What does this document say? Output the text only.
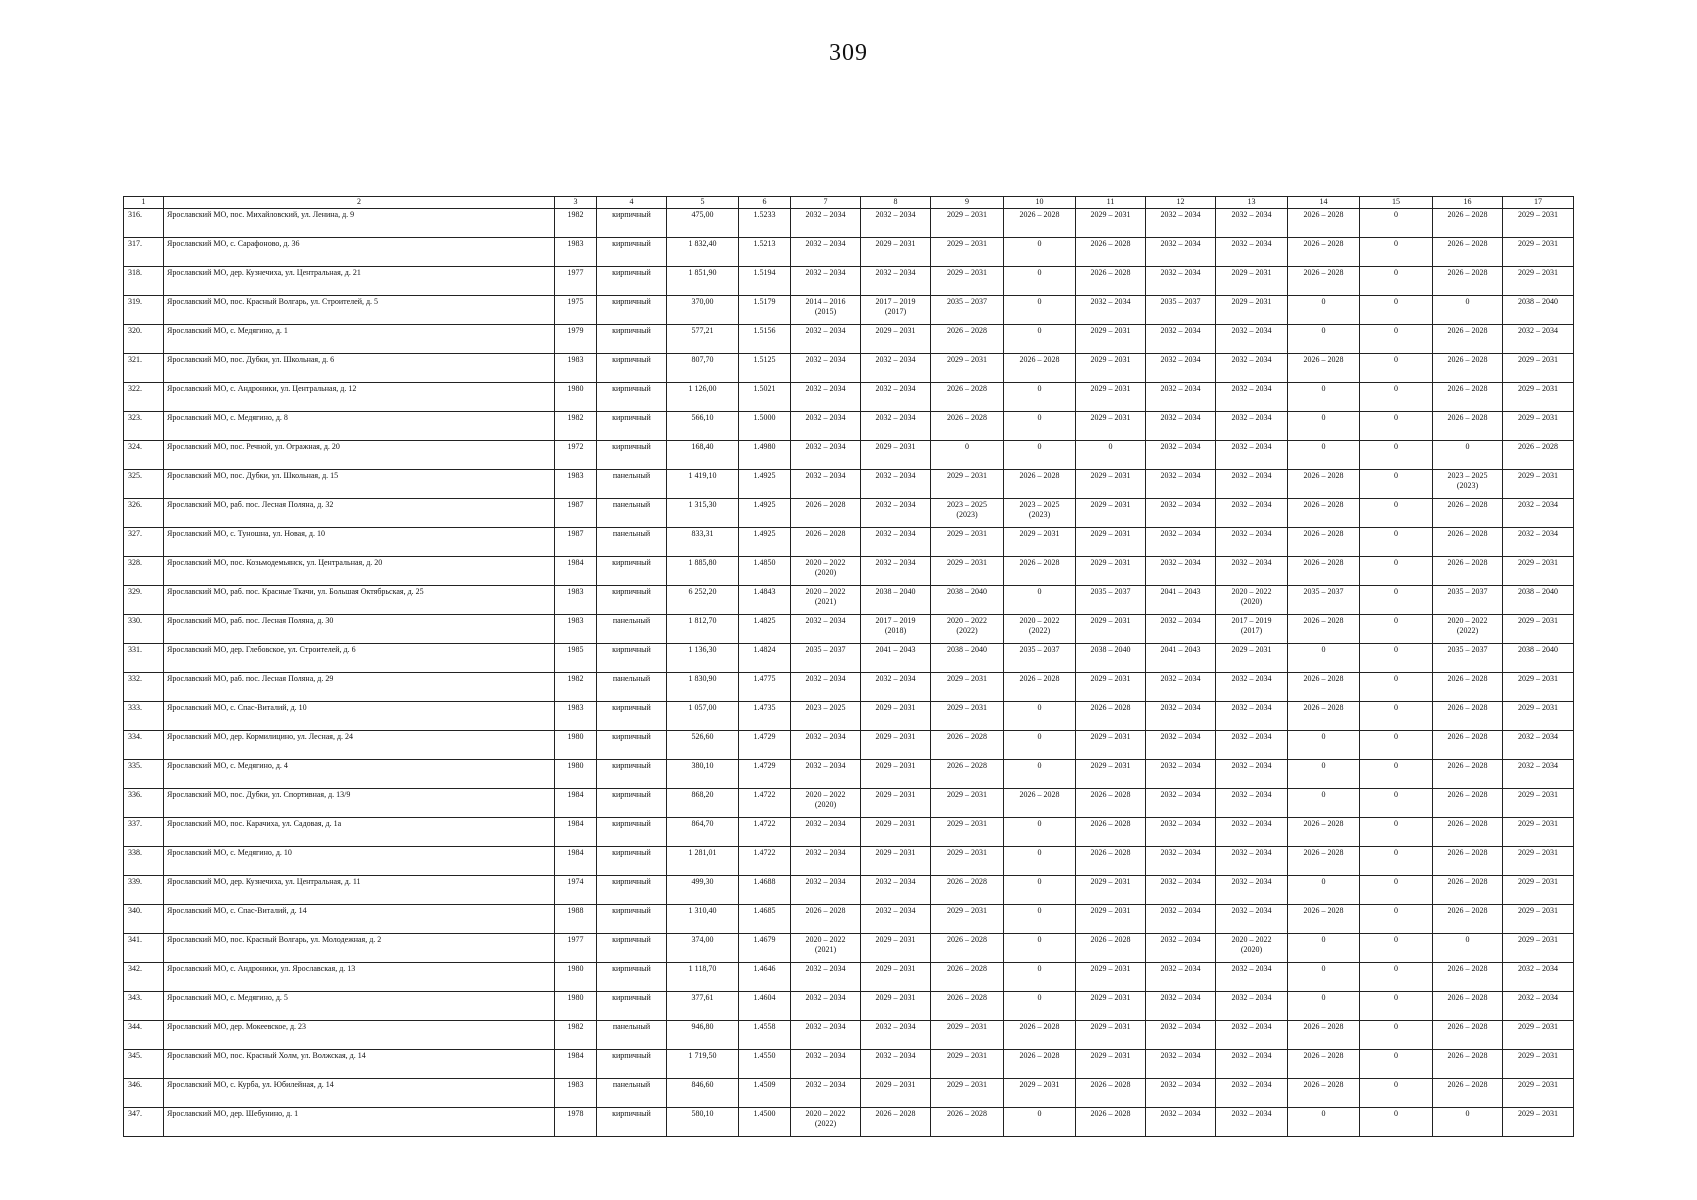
309
1	2	3	4	5	6	7	8	9	10	11	12	13	14	15	16	17
316.	Ярославский МО, пос. Михайловский, ул. Ленина, д. 9	1982	кирпичный	475,00	1.5233	2032 – 2034	2032 – 2034	2029 – 2031	2026 – 2028	2029 – 2031	2032 – 2034	2032 – 2034	2026 – 2028	0	2026 – 2028	2029 – 2031
317.	Ярославский МО, с. Сарафоново, д. 36	1983	кирпичный	1 832,40	1.5213	2032 – 2034	2029 – 2031	2029 – 2031	0	2026 – 2028	2032 – 2034	2032 – 2034	2026 – 2028	0	2026 – 2028	2029 – 2031
318.	Ярославский МО, дер. Кузнечиха, ул. Центральная, д. 21	1977	кирпичный	1 851,90	1.5194	2032 – 2034	2032 – 2034	2029 – 2031	0	2026 – 2028	2032 – 2034	2029 – 2031	2026 – 2028	0	2026 – 2028	2029 – 2031
319.	Ярославский МО, пос. Красный Волгарь, ул. Строителей, д. 5	1975	кирпичный	370,00	1.5179	2014 – 2016
(2015)	2017 – 2019
(2017)	2035 – 2037	0	2032 – 2034	2035 – 2037	2029 – 2031	0	0	0	2038 – 2040
320.	Ярославский МО, с. Медягино, д. 1	1979	кирпичный	577,21	1.5156	2032 – 2034	2029 – 2031	2026 – 2028	0	2029 – 2031	2032 – 2034	2032 – 2034	0	0	2026 – 2028	2032 – 2034
321.	Ярославский МО, пос. Дубки, ул. Школьная, д. 6	1983	кирпичный	807,70	1.5125	2032 – 2034	2032 – 2034	2029 – 2031	2026 – 2028	2029 – 2031	2032 – 2034	2032 – 2034	2026 – 2028	0	2026 – 2028	2029 – 2031
322.	Ярославский МО, с. Андроники, ул. Центральная, д. 12	1980	кирпичный	1 126,00	1.5021	2032 – 2034	2032 – 2034	2026 – 2028	0	2029 – 2031	2032 – 2034	2032 – 2034	0	0	2026 – 2028	2029 – 2031
323.	Ярославский МО, с. Медягино, д. 8	1982	кирпичный	566,10	1.5000	2032 – 2034	2032 – 2034	2026 – 2028	0	2029 – 2031	2032 – 2034	2032 – 2034	0	0	2026 – 2028	2029 – 2031
324.	Ярославский МО, пос. Речной, ул. Огражная, д. 20	1972	кирпичный	168,40	1.4980	2032 – 2034	2029 – 2031	0	0	0	2032 – 2034	2032 – 2034	0	0	0	2026 – 2028
325.	Ярославский МО, пос. Дубки, ул. Школьная, д. 15	1983	панельный	1 419,10	1.4925	2032 – 2034	2032 – 2034	2029 – 2031	2026 – 2028	2029 – 2031	2032 – 2034	2032 – 2034	2026 – 2028	0	2023 – 2025
(2023)	2029 – 2031
326.	Ярославский МО, раб. пос. Лесная Поляна, д. 32	1987	панельный	1 315,30	1.4925	2026 – 2028	2032 – 2034	2023 – 2025
(2023)	2023 – 2025
(2023)	2029 – 2031	2032 – 2034	2032 – 2034	2026 – 2028	0	2026 – 2028	2032 – 2034
327.	Ярославский МО, с. Туношна, ул. Новая, д. 10	1987	панельный	833,31	1.4925	2026 – 2028	2032 – 2034	2029 – 2031	2029 – 2031	2029 – 2031	2032 – 2034	2032 – 2034	2026 – 2028	0	2026 – 2028	2032 – 2034
328.	Ярославский МО, пос. Козьмодемьянск, ул. Центральная, д. 20	1984	кирпичный	1 885,80	1.4850	2020 – 2022
(2020)	2032 – 2034	2029 – 2031	2026 – 2028	2029 – 2031	2032 – 2034	2032 – 2034	2026 – 2028	0	2026 – 2028	2029 – 2031
329.	Ярославский МО, раб. пос. Красные Ткачи, ул. Большая Октябрьская, д. 25	1983	кирпичный	6 252,20	1.4843	2020 – 2022
(2021)	2038 – 2040	2038 – 2040	0	2035 – 2037	2041 – 2043	2020 – 2022
(2020)	2035 – 2037	0	2035 – 2037	2038 – 2040
330.	Ярославский МО, раб. пос. Лесная Поляна, д. 30	1983	панельный	1 812,70	1.4825	2032 – 2034	2017 – 2019
(2018)	2020 – 2022
(2022)	2020 – 2022
(2022)	2029 – 2031	2032 – 2034	2017 – 2019
(2017)	2026 – 2028	0	2020 – 2022
(2022)	2029 – 2031
331.	Ярославский МО, дер. Глебовское, ул. Строителей, д. 6	1985	кирпичный	1 136,30	1.4824	2035 – 2037	2041 – 2043	2038 – 2040	2035 – 2037	2038 – 2040	2041 – 2043	2029 – 2031	0	0	2035 – 2037	2038 – 2040
332.	Ярославский МО, раб. пос. Лесная Поляна, д. 29	1982	панельный	1 830,90	1.4775	2032 – 2034	2032 – 2034	2029 – 2031	2026 – 2028	2029 – 2031	2032 – 2034	2032 – 2034	2026 – 2028	0	2026 – 2028	2029 – 2031
333.	Ярославский МО, с. Спас-Виталий, д. 10	1983	кирпичный	1 057,00	1.4735	2023 – 2025	2029 – 2031	2029 – 2031	0	2026 – 2028	2032 – 2034	2032 – 2034	2026 – 2028	0	2026 – 2028	2029 – 2031
334.	Ярославский МО, дер. Кормилицино, ул. Лесная, д. 24	1980	кирпичный	526,60	1.4729	2032 – 2034	2029 – 2031	2026 – 2028	0	2029 – 2031	2032 – 2034	2032 – 2034	0	0	2026 – 2028	2032 – 2034
335.	Ярославский МО, с. Медягино, д. 4	1980	кирпичный	380,10	1.4729	2032 – 2034	2029 – 2031	2026 – 2028	0	2029 – 2031	2032 – 2034	2032 – 2034	0	0	2026 – 2028	2032 – 2034
336.	Ярославский МО, пос. Дубки, ул. Спортивная, д. 13/9	1984	кирпичный	868,20	1.4722	2020 – 2022
(2020)	2029 – 2031	2029 – 2031	2026 – 2028	2026 – 2028	2032 – 2034	2032 – 2034	0	0	2026 – 2028	2029 – 2031
337.	Ярославский МО, пос. Карачиха, ул. Садовая, д. 1а	1984	кирпичный	864,70	1.4722	2032 – 2034	2029 – 2031	2029 – 2031	0	2026 – 2028	2032 – 2034	2032 – 2034	2026 – 2028	0	2026 – 2028	2029 – 2031
338.	Ярославский МО, с. Медягино, д. 10	1984	кирпичный	1 281,01	1.4722	2032 – 2034	2029 – 2031	2029 – 2031	0	2026 – 2028	2032 – 2034	2032 – 2034	2026 – 2028	0	2026 – 2028	2029 – 2031
339.	Ярославский МО, дер. Кузнечиха, ул. Центральная, д. 11	1974	кирпичный	499,30	1.4688	2032 – 2034	2032 – 2034	2026 – 2028	0	2029 – 2031	2032 – 2034	2032 – 2034	0	0	2026 – 2028	2029 – 2031
340.	Ярославский МО, с. Спас-Виталий, д. 14	1988	кирпичный	1 310,40	1.4685	2026 – 2028	2032 – 2034	2029 – 2031	0	2029 – 2031	2032 – 2034	2032 – 2034	2026 – 2028	0	2026 – 2028	2029 – 2031
341.	Ярославский МО, пос. Красный Волгарь, ул. Молодежная, д. 2	1977	кирпичный	374,00	1.4679	2020 – 2022
(2021)	2029 – 2031	2026 – 2028	0	2026 – 2028	2032 – 2034	2020 – 2022
(2020)	0	0	0	2029 – 2031
342.	Ярославский МО, с. Андроники, ул. Ярославская, д. 13	1980	кирпичный	1 118,70	1.4646	2032 – 2034	2029 – 2031	2026 – 2028	0	2029 – 2031	2032 – 2034	2032 – 2034	0	0	2026 – 2028	2032 – 2034
343.	Ярославский МО, с. Медягино, д. 5	1980	кирпичный	377,61	1.4604	2032 – 2034	2029 – 2031	2026 – 2028	0	2029 – 2031	2032 – 2034	2032 – 2034	0	0	2026 – 2028	2032 – 2034
344.	Ярославский МО, дер. Мокеевское, д. 23	1982	панельный	946,80	1.4558	2032 – 2034	2032 – 2034	2029 – 2031	2026 – 2028	2029 – 2031	2032 – 2034	2032 – 2034	2026 – 2028	0	2026 – 2028	2029 – 2031
345.	Ярославский МО, пос. Красный Холм, ул. Волжская, д. 14	1984	кирпичный	1 719,50	1.4550	2032 – 2034	2032 – 2034	2029 – 2031	2026 – 2028	2029 – 2031	2032 – 2034	2032 – 2034	2026 – 2028	0	2026 – 2028	2029 – 2031
346.	Ярославский МО, с. Курба, ул. Юбилейная, д. 14	1983	панельный	846,60	1.4509	2032 – 2034	2029 – 2031	2029 – 2031	2029 – 2031	2026 – 2028	2032 – 2034	2032 – 2034	2026 – 2028	0	2026 – 2028	2029 – 2031
347.	Ярославский МО, дер. Шебунино, д. 1	1978	кирпичный	580,10	1.4500	2020 – 2022
(2022)	2026 – 2028	2026 – 2028	0	2026 – 2028	2032 – 2034	2032 – 2034	0	0	0	2029 – 2031
